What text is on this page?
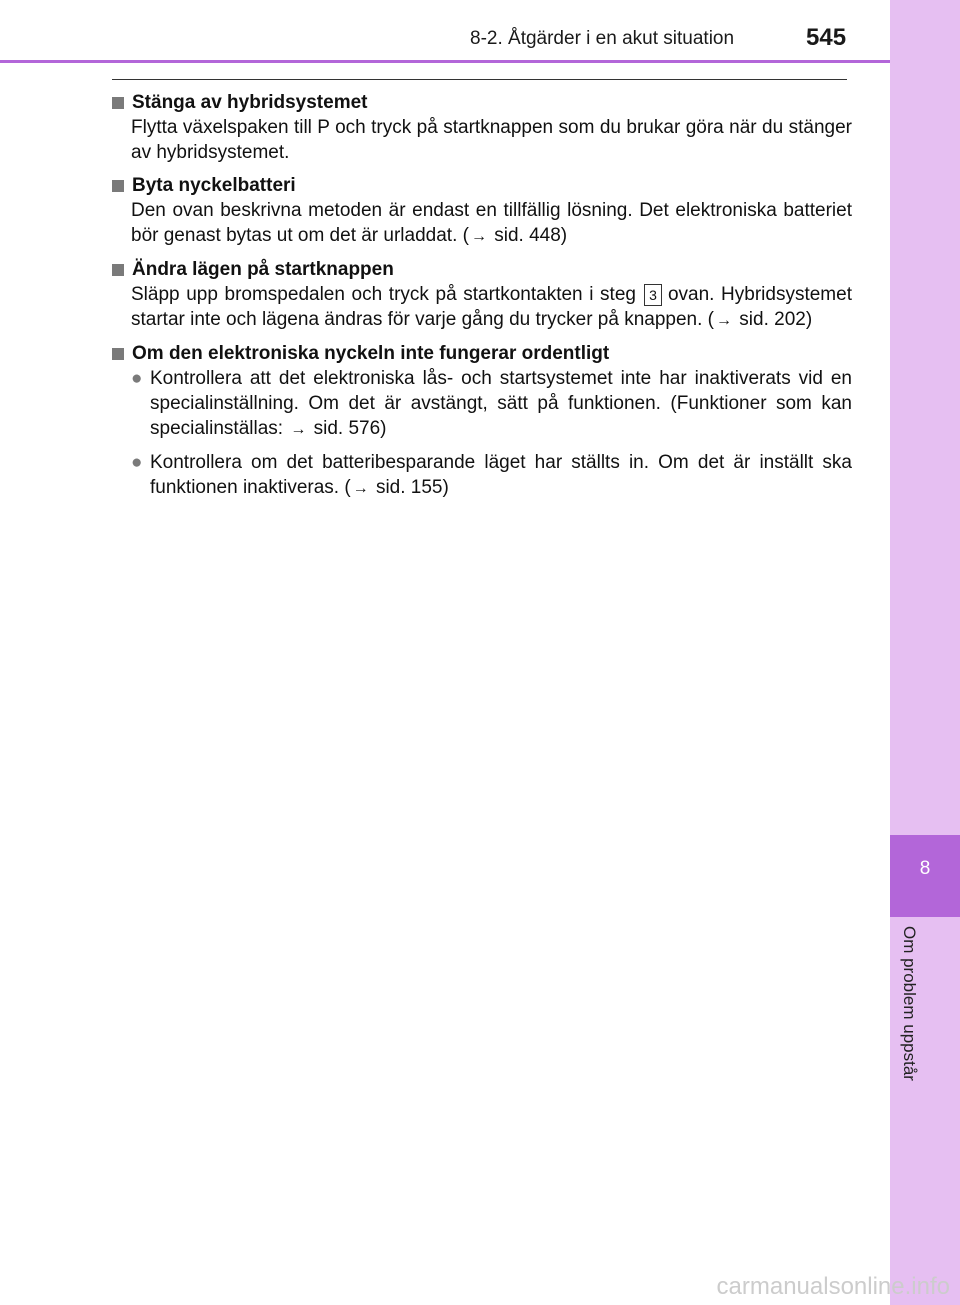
8-2. Åtgärder i en akut situation	545
8
Om problem uppstår
Stänga av hybridsystemet
Flytta växelspaken till P och tryck på startknappen som du brukar göra när du stänger av hybridsystemet.
Byta nyckelbatteri
Den ovan beskrivna metoden är endast en tillfällig lösning. Det elektroniska batteriet bör genast bytas ut om det är urladdat. ( → sid. 448)
Ändra lägen på startknappen
Släpp upp bromspedalen och tryck på startkontakten i steg 3 ovan. Hybridsystemet startar inte och lägena ändras för varje gång du trycker på knappen. ( → sid. 202)
Om den elektroniska nyckeln inte fungerar ordentligt
● Kontrollera att det elektroniska lås- och startsystemet inte har inaktiverats vid en specialinställning. Om det är avstängt, sätt på funktionen. (Funktioner som kan specialinställas: → sid. 576)
● Kontrollera om det batteribesparande läget har ställts in. Om det är inställt ska funktionen inaktiveras. ( → sid. 155)
carmanualsonline.info
